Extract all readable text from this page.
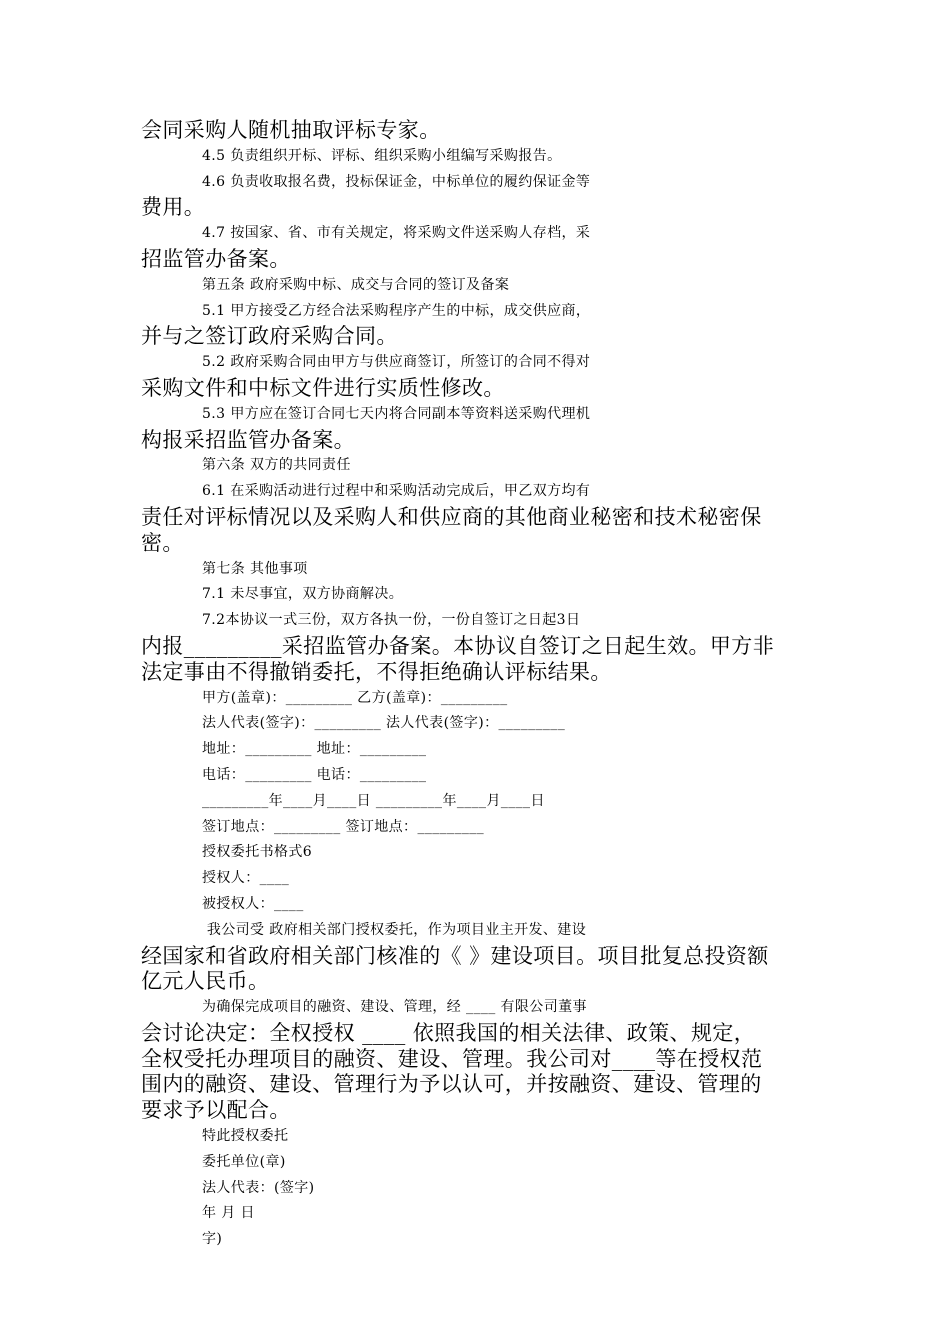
会同采购人随机抽取评标专家。
4.5 负责组织开标、评标、组织采购小组编写采购报告。
4.6 负责收取报名费，投标保证金，中标单位的履约保证金等
费用。
4.7 按国家、省、市有关规定，将采购文件送采购人存档，采
招监管办备案。
第五条 政府采购中标、成交与合同的签订及备案
5.1 甲方接受乙方经合法采购程序产生的中标，成交供应商，
并与之签订政府采购合同。
5.2 政府采购合同由甲方与供应商签订，所签订的合同不得对
采购文件和中标文件进行实质性修改。
5.3 甲方应在签订合同七天内将合同副本等资料送采购代理机
构报采招监管办备案。
第六条 双方的共同责任
6.1 在采购活动进行过程中和采购活动完成后，甲乙双方均有
责任对评标情况以及采购人和供应商的其他商业秘密和技术秘密保
密。
第七条 其他事项
7.1 未尽事宜，双方协商解决。
7.2本协议一式三份，双方各执一份，一份自签订之日起3日
内报_________采招监管办备案。本协议自签订之日起生效。甲方非
法定事由不得撤销委托，不得拒绝确认评标结果。
甲方(盖章)：_________ 乙方(盖章)：_________
法人代表(签字)：_________ 法人代表(签字)：_________
地址：_________ 地址：_________
电话：_________ 电话：_________
_________年____月____日 _________年____月____日
签订地点：_________ 签订地点：_________
授权委托书格式6
授权人：____
被授权人：____
我公司受 政府相关部门授权委托，作为项目业主开发、建设
经国家和省政府相关部门核准的《 》建设项目。项目批复总投资额
亿元人民币。
为确保完成项目的融资、建设、管理，经 ____ 有限公司董事
会讨论决定：全权授权 ____ 依照我国的相关法律、政策、规定，
全权受托办理项目的融资、建设、管理。我公司对____等在授权范
围内的融资、建设、管理行为予以认可，并按融资、建设、管理的
要求予以配合。
特此授权委托
委托单位(章)
法人代表：(签字)
年 月 日
字)
